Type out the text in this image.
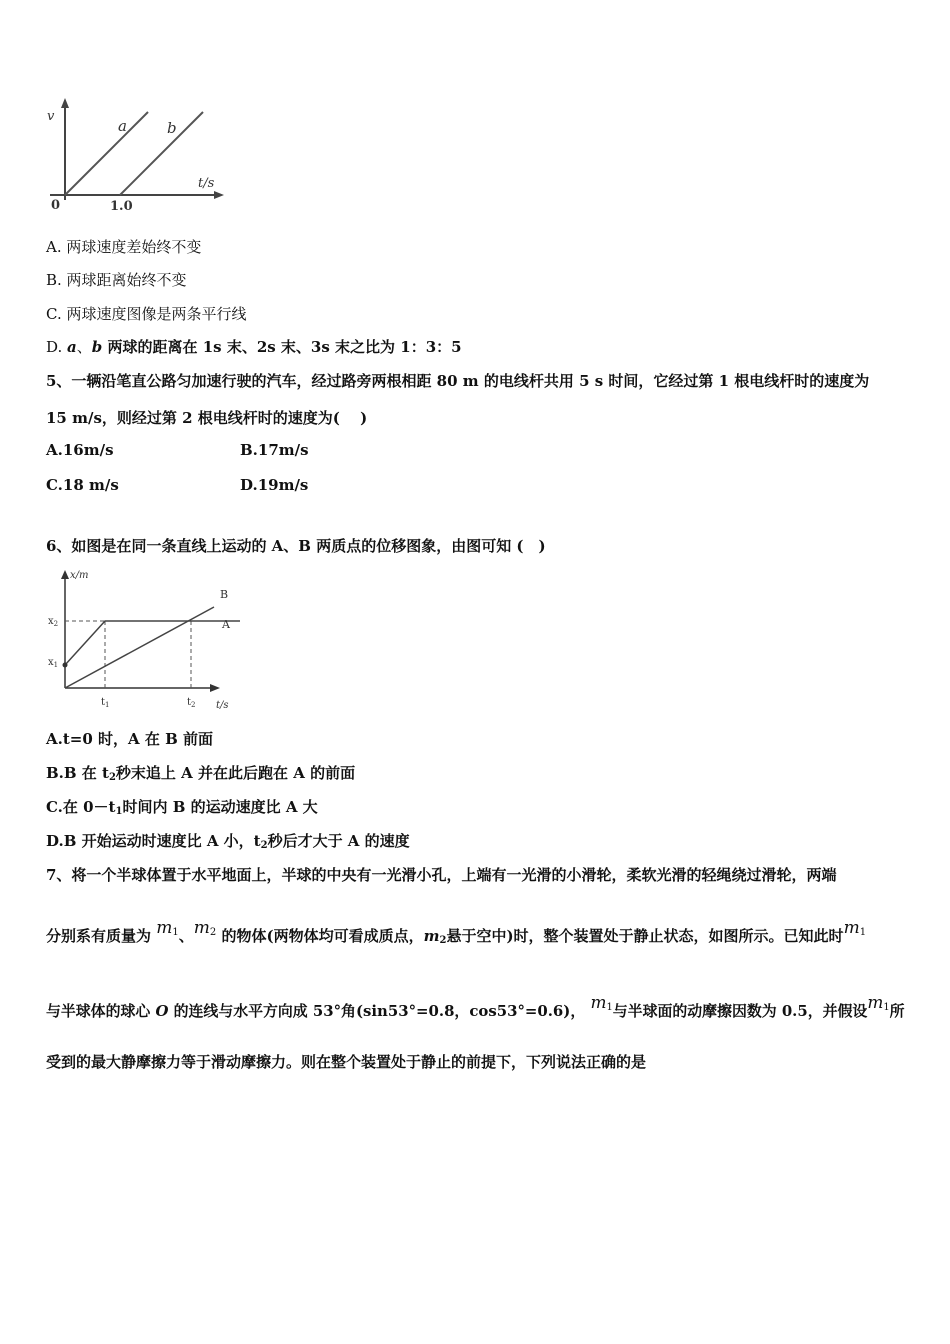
v
a	b
t/s
0	1.0
A. 两球速度差始终不变
B. 两球距离始终不变
C. 两球速度图像是两条平行线
D. a、b 两球的距离在 1s 末、2s 末、3s 末之比为 1：3：5
5、一辆沿笔直公路匀加速行驶的汽车，经过路旁两根相距 80 m 的电线杆共用 5 s 时间，它经过第 1 根电线杆时的速度为
15 m/s，则经过第 2 根电线杆时的速度为(　 )
A.16m/s	B.17m/s
C.18 m/s	D.19m/s
6、如图是在同一条直线上运动的 A、B 两质点的位移图象，由图可知 (　)
x/m
$x_2$
$x_1$
$t_1$	$t_2$ t/s
A
B
A.t=0 时，A 在 B 前面
B.B 在 $t_2$秒末追上 A 并在此后跑在 A 的前面
C.在 $0-t_1$时间内 B 的运动速度比 A 大
D.B 开始运动时速度比 A 小，$t_2$秒后才大于 A 的速度
7、将一个半球体置于水平地面上，半球的中央有一光滑小孔，上端有一光滑的小滑轮，柔软光滑的轻绳绕过滑轮，两端
分别系有质量为 $m_1$、$m_2$ 的物体(两物体均可看成质点，$m_2$悬于空中)时，整个装置处于静止状态，如图所示。已知此时$m_1$
与半球体的球心 O 的连线与水平方向成 53°角(sin53°=0.8，cos53°=0.6)， $m_1$与半球面的动摩擦因数为 0.5，并假设$m_1$所
受到的最大静摩擦力等于滑动摩擦力。则在整个装置处于静止的前提下，下列说法正确的是
